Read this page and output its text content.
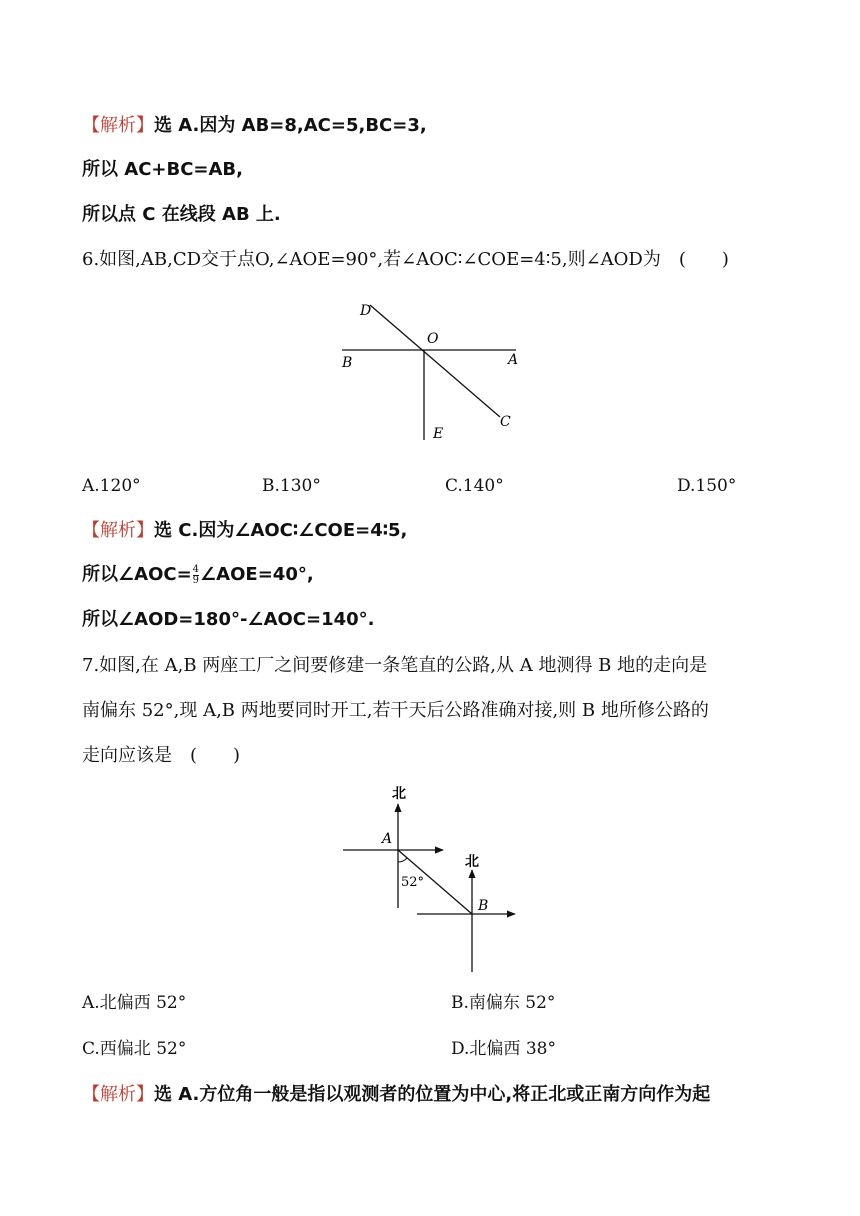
【解析】选 A.因为 AB=8,AC=5,BC=3,
所以 AC+BC=AB,
所以点 C 在线段 AB 上.
6.如图,AB,CD交于点O,∠AOE=90°,若∠AOC∶∠COE=4∶5,则∠AOD为　(　　)
D
O
B	A
C
E
A.120°	B.130°	C.140°	D.150°
【解析】选 C.因为∠AOC∶∠COE=4∶5,
所以∠AOC= $\frac{4}{9}$ ∠AOE=40°,
所以∠AOD=180°-∠AOC=140°.
7.如图,在 A,B 两座工厂之间要修建一条笔直的公路,从 A 地测得 B 地的走向是
南偏东 52°,现 A,B 两地要同时开工,若干天后公路准确对接,则 B 地所修公路的
走向应该是　(　　)
北
A
52°
北
B
A.北偏西 52°	B.南偏东 52°
C.西偏北 52°	D.北偏西 38°
【解析】选 A.方位角一般是指以观测者的位置为中心,将正北或正南方向作为起
